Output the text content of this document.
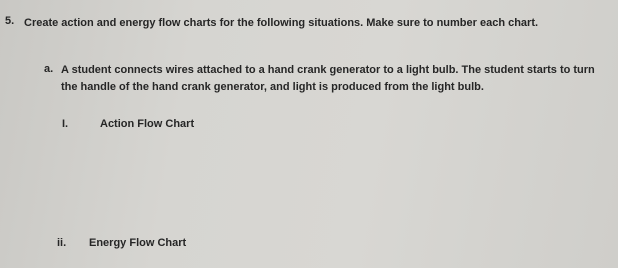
5. Create action and energy flow charts for the following situations. Make sure to number each chart.
a. A student connects wires attached to a hand crank generator to a light bulb. The student starts to turn the handle of the hand crank generator, and light is produced from the light bulb.
I.	Action Flow Chart
ii. Energy Flow Chart
